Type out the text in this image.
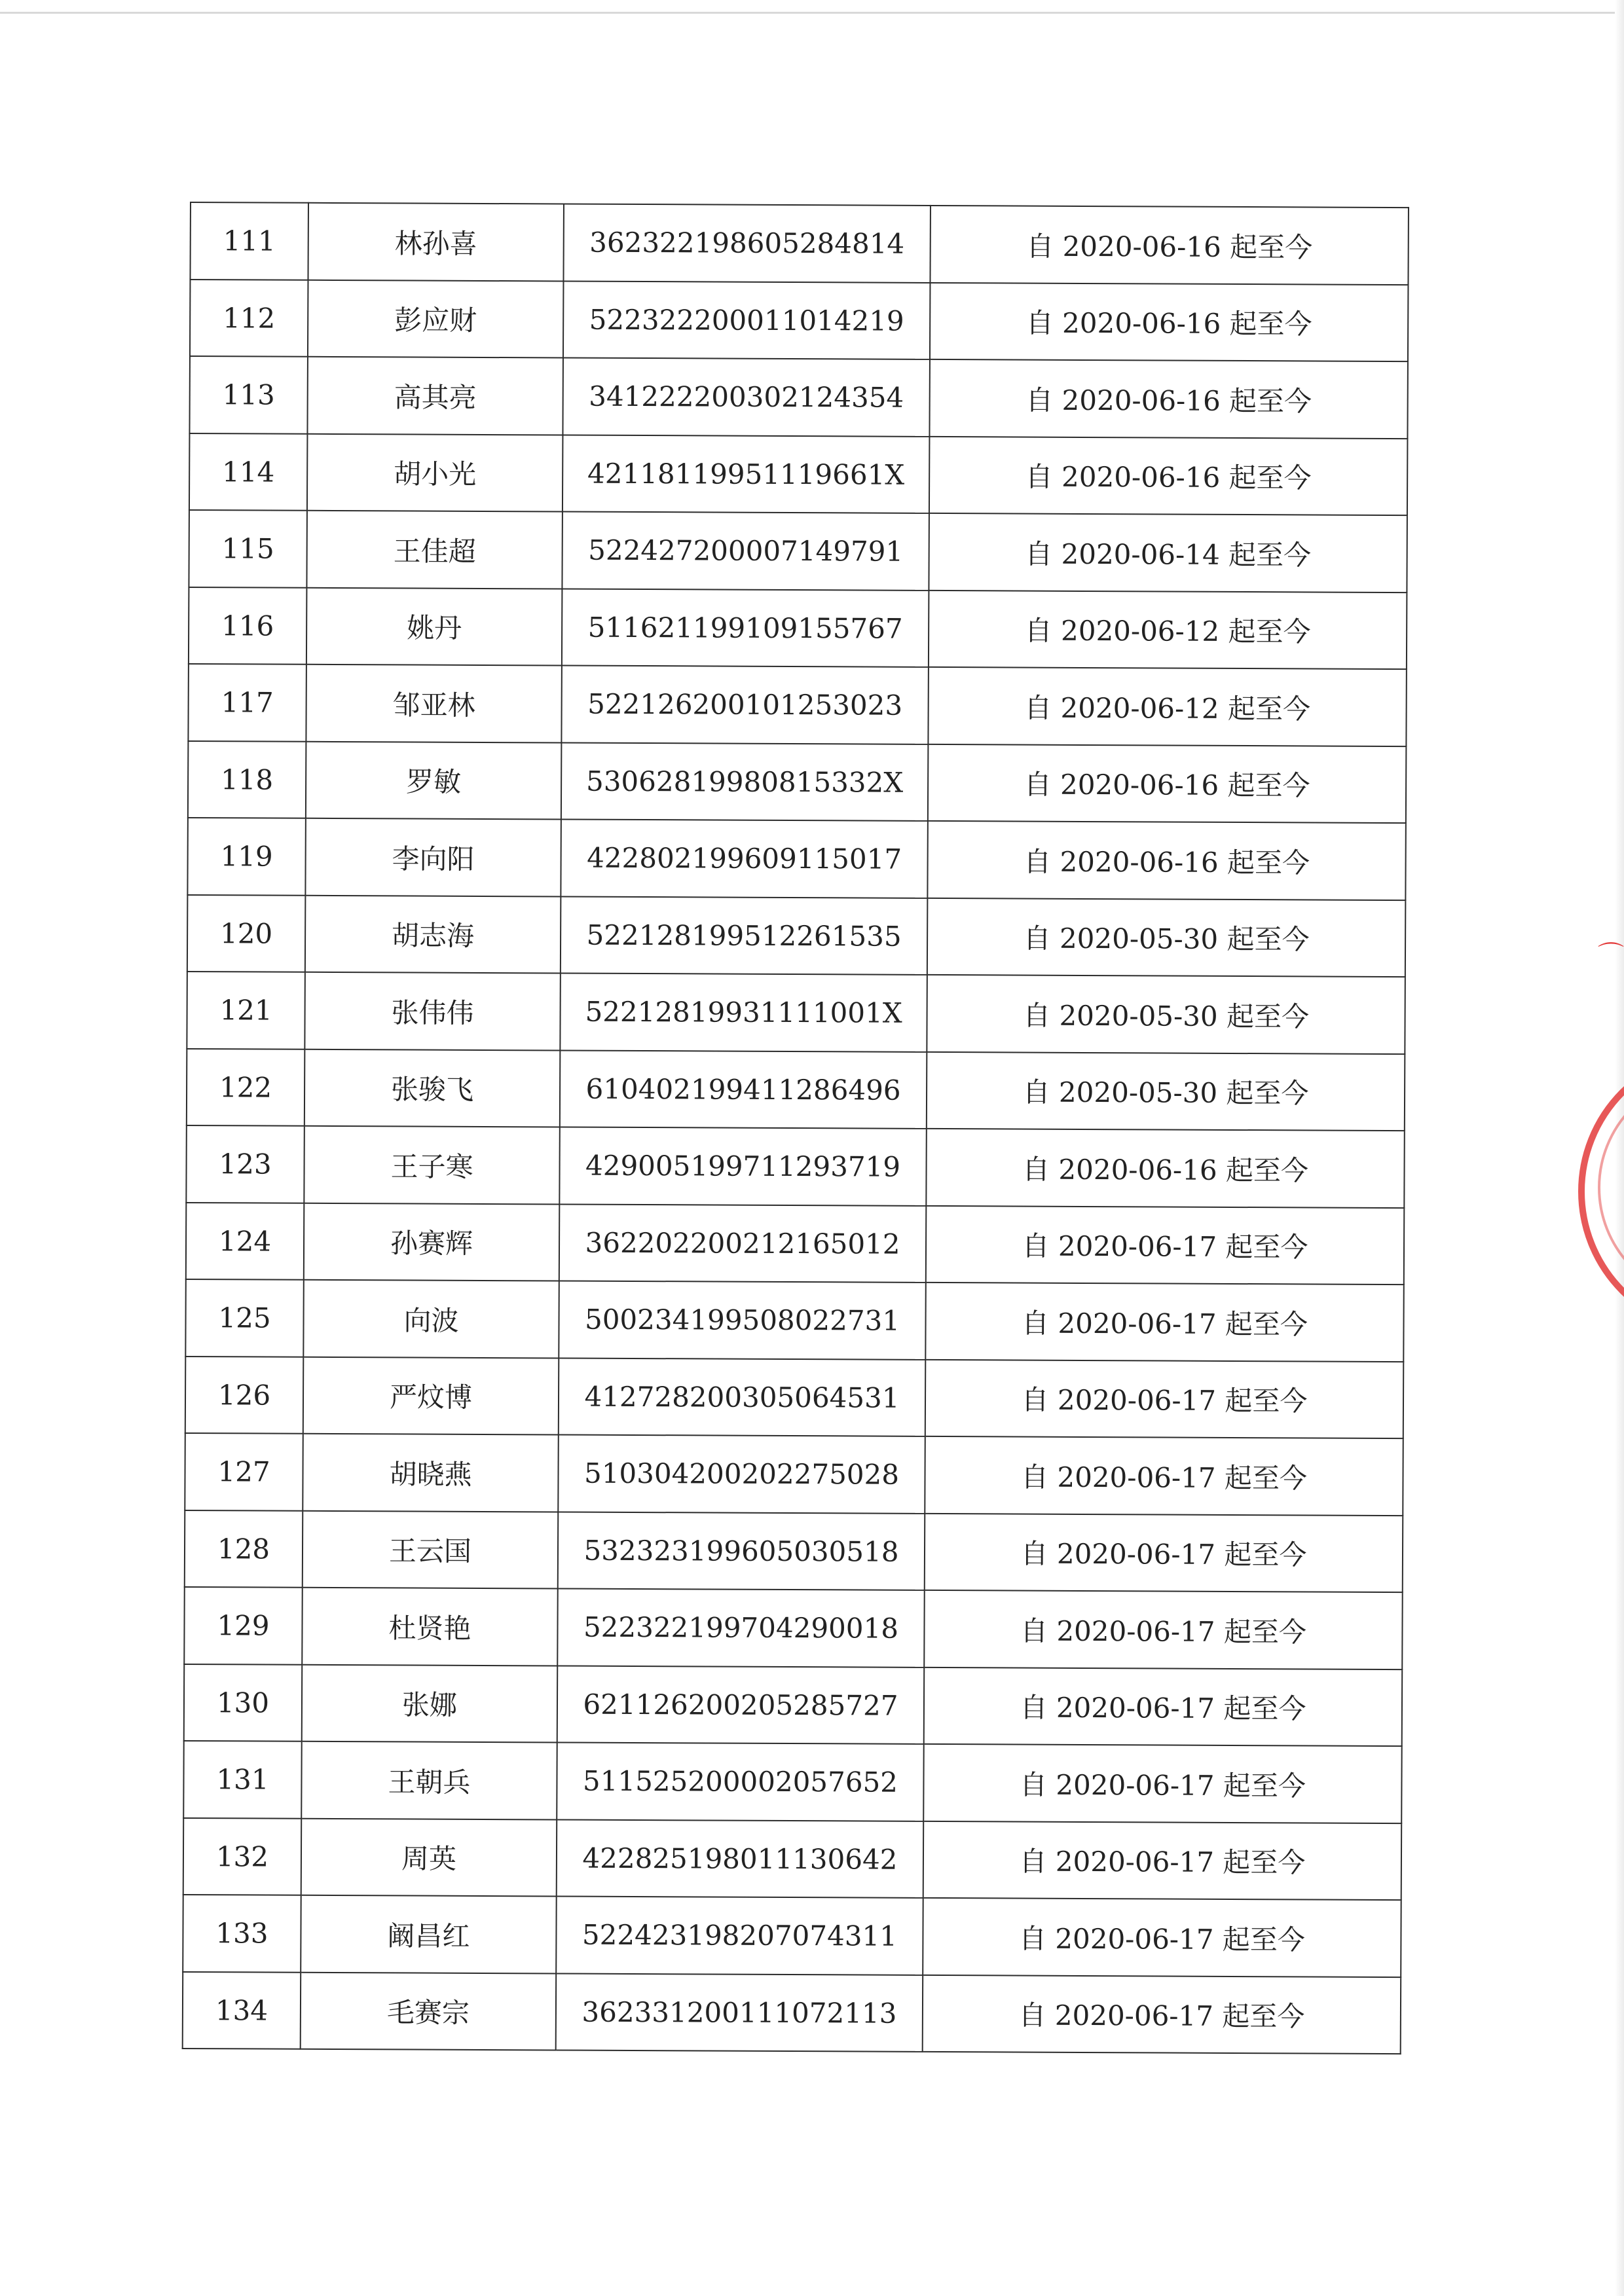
⌒
111	林孙喜	362322198605284814	自 2020-06-16 起至今
112	彭应财	522322200011014219	自 2020-06-16 起至今
113	高其亮	341222200302124354	自 2020-06-16 起至今
114	胡小光	42118119951119661X	自 2020-06-16 起至今
115	王佳超	522427200007149791	自 2020-06-14 起至今
116	姚丹	511621199109155767	自 2020-06-12 起至今
117	邹亚林	522126200101253023	自 2020-06-12 起至今
118	罗敏	53062819980815332X	自 2020-06-16 起至今
119	李向阳	422802199609115017	自 2020-06-16 起至今
120	胡志海	522128199512261535	自 2020-05-30 起至今
121	张伟伟	52212819931111001X	自 2020-05-30 起至今
122	张骏飞	610402199411286496	自 2020-05-30 起至今
123	王子寒	429005199711293719	自 2020-06-16 起至今
124	孙赛辉	362202200212165012	自 2020-06-17 起至今
125	向波	500234199508022731	自 2020-06-17 起至今
126	严炆博	412728200305064531	自 2020-06-17 起至今
127	胡晓燕	510304200202275028	自 2020-06-17 起至今
128	王云国	532323199605030518	自 2020-06-17 起至今
129	杜贤艳	522322199704290018	自 2020-06-17 起至今
130	张娜	621126200205285727	自 2020-06-17 起至今
131	王朝兵	511525200002057652	自 2020-06-17 起至今
132	周英	422825198011130642	自 2020-06-17 起至今
133	阚昌红	522423198207074311	自 2020-06-17 起至今
134	毛赛宗	362331200111072113	自 2020-06-17 起至今
